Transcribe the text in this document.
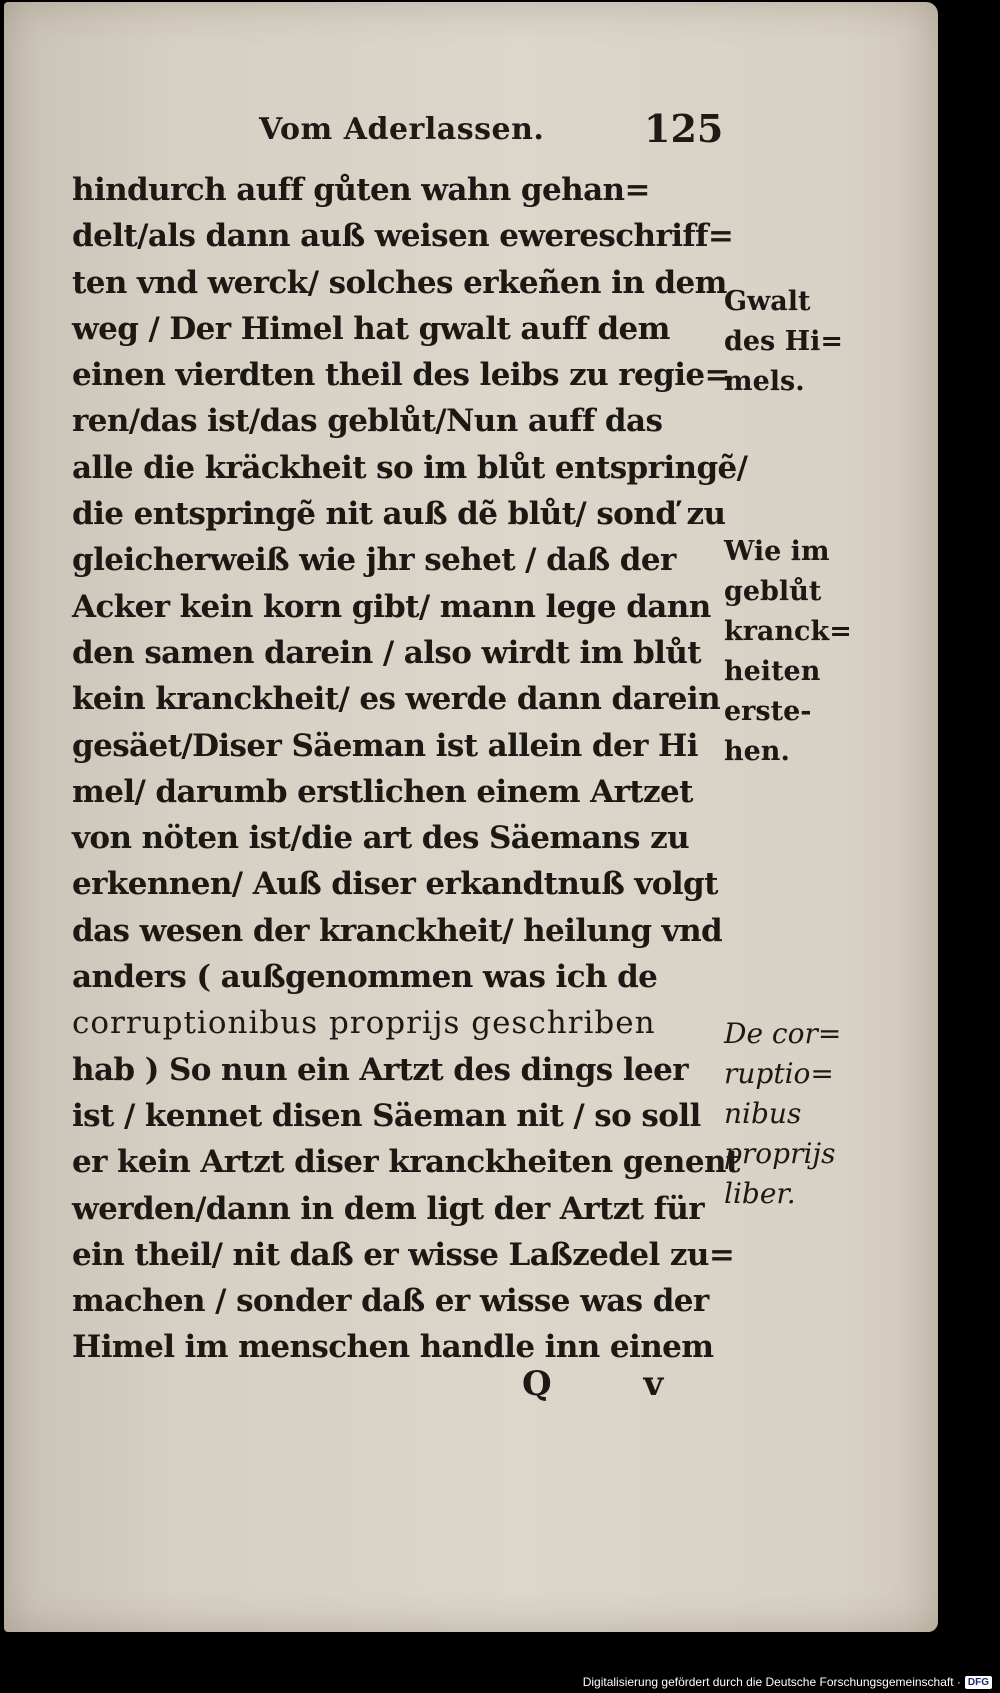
Vom Aderlassen.	125
hindurch auff gůten wahn gehan=
delt/als dann auß weisen ewereschriff=
ten vnd werck/ solches erkeñen in dem
weg / Der Himel hat gwalt auff dem
einen vierdten theil des leibs zu regie=
ren/das ist/das geblůt/Nun auff das
alle die kräckheit so im blůt entspringẽ/
die entspringẽ nit auß dẽ blůt/ sonď zu
gleicherweiß wie jhr sehet / daß der
Acker kein korn gibt/ mann lege dann
den samen darein / also wirdt im blůt
kein kranckheit/ es werde dann darein
gesäet/Diser Säeman ist allein der Hi
mel/ darumb erstlichen einem Artzet
von nöten ist/die art des Säemans zu
erkennen/ Auß diser erkandtnuß volgt
das wesen der kranckheit/ heilung vnd
anders ( außgenommen was ich de
corruptionibus proprijs geschriben
hab ) So nun ein Artzt des dings leer
ist / kennet disen Säeman nit / so soll
er kein Artzt diser kranckheiten genent
werden/dann in dem ligt der Artzt für
ein theil/ nit daß er wisse Laßzedel zu=
machen / sonder daß er wisse was der
Himel im menschen handle inn einem
Gwalt
des Hi=
mels.
Wie im
geblůt
kranck=
heiten
erste-
hen.
De cor=
ruptio=
nibus
proprijs
liber.
Q v
Digitalisierung gefördert durch die Deutsche Forschungsgemeinschaft · DFG
